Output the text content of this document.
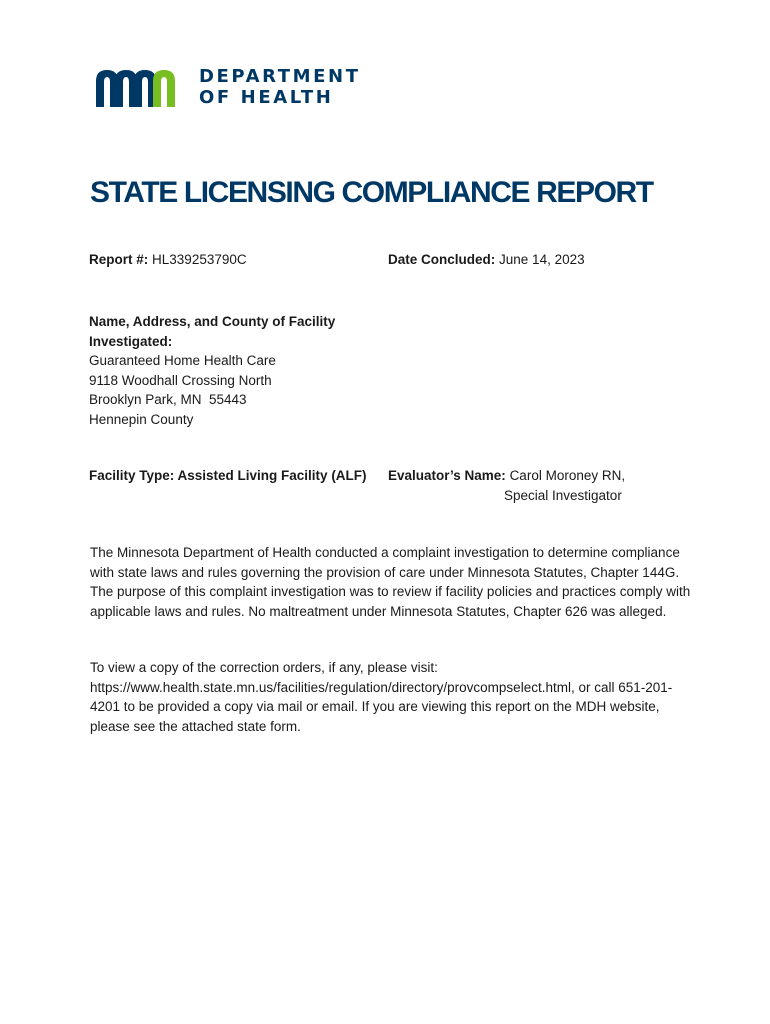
DEPARTMENT
OF HEALTH
STATE LICENSING COMPLIANCE REPORT
Report #: HL339253790C	Date Concluded: June 14, 2023
Name, Address, and County of Facility
Investigated:
Guaranteed Home Health Care
9118 Woodhall Crossing North
Brooklyn Park, MN  55443
Hennepin County
Facility Type: Assisted Living Facility (ALF) Evaluator’s Name: Carol Moroney RN,
Special Investigator

The Minnesota Department of Health conducted a complaint investigation to determine compliance with state laws and rules governing the provision of care under Minnesota Statutes, Chapter 144G. The purpose of this complaint investigation was to review if facility policies and practices comply with applicable laws and rules. No maltreatment under Minnesota Statutes, Chapter 626 was alleged.

To view a copy of the correction orders, if any, please visit:
https://www.health.state.mn.us/facilities/regulation/directory/provcompselect.html, or call 651-201-4201 to be provided a copy via mail or email. If you are viewing this report on the MDH website, please see the attached state form.
